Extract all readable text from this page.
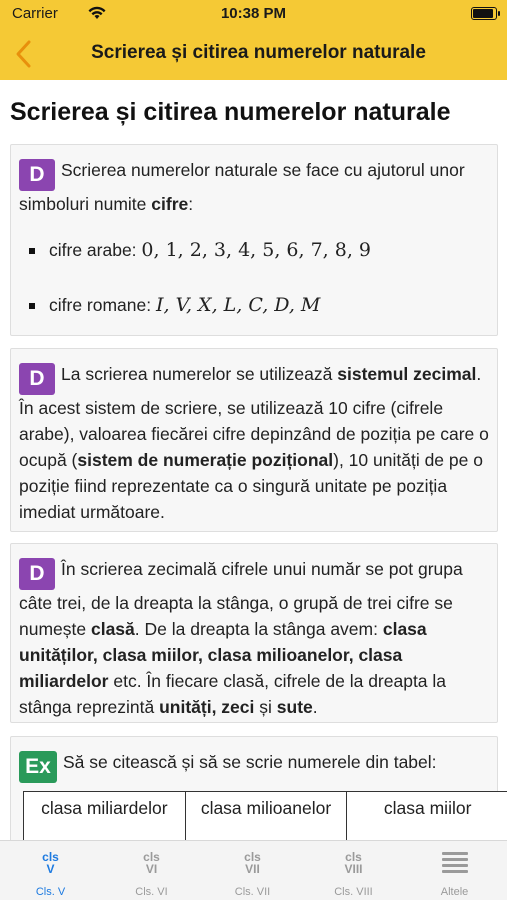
Carrier	10:38 PM
Scrierea și citirea numerelor naturale
Scrierea și citirea numerelor naturale
D Scrierea numerelor naturale se face cu ajutorul unor simboluri numite cifre:
cifre arabe: 0, 1, 2, 3, 4, 5, 6, 7, 8, 9
cifre romane: I, V, X, L, C, D, M
D La scrierea numerelor se utilizează sistemul zecimal. În acest sistem de scriere, se utilizează 10 cifre (cifrele arabe), valoarea fiecărei cifre depinzând de poziția pe care o ocupă (sistem de numerație pozițional), 10 unități de pe o poziție fiind reprezentate ca o singură unitate pe poziția imediat următoare.
D În scrierea zecimală cifrele unui număr se pot grupa câte trei, de la dreapta la stânga, o grupă de trei cifre se numește clasă. De la dreapta la stânga avem: clasa unităților, clasa miilor, clasa milioanelor, clasa miliardelor etc. În fiecare clasă, cifrele de la dreapta la stânga reprezintă unități, zeci și sute.
Ex Să se citească și să se scrie numerele din tabel:
clasa miliardelor	clasa milioanelor	clasa miilor
cls
V
Cls. V
cls
VI
Cls. VI
cls
VII
Cls. VII
cls
VIII
Cls. VIII	Altele
